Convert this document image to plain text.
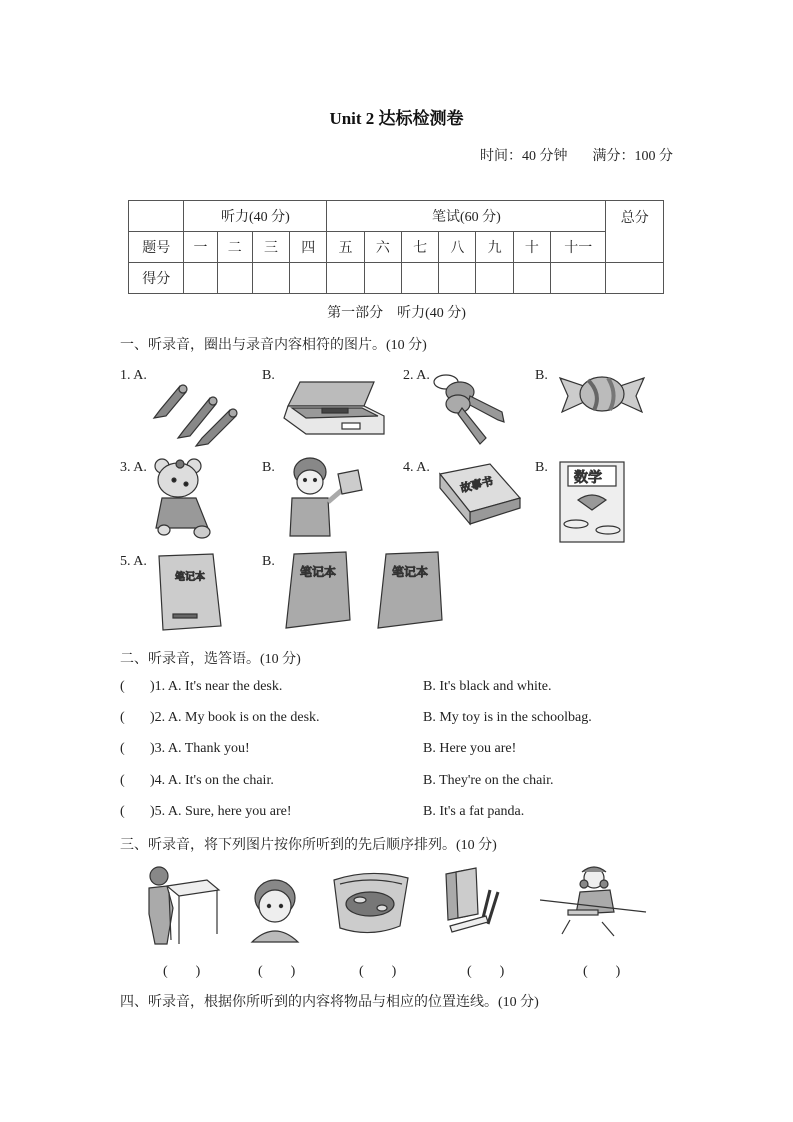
Unit 2 达标检测卷
时间：40 分钟 满分：100 分
	听力(40 分)				笔试(60 分)							总分
题号	一	二	三	四	五	六	七	八	九	十	十一	
得分												
第一部分　听力(40 分)
一、听录音，圈出与录音内容相符的图片。(10 分)
1. A.	B.	2. A.	B.
3. A.	B.	4. A.
故事书
B.
数学
5. A.
笔记本
B.
笔记本	笔记本
二、听录音，选答语。(10 分)
( )1. A. It's near the desk.	B. It's black and white.
( )2. A. My book is on the desk.	B. My toy is in the schoolbag.
( )3. A. Thank you!	B. Here you are!
( )4. A. It's on the chair.	B. They're on the chair.
( )5. A. Sure, here you are!	B. It's a fat panda.
三、听录音，将下列图片按你所听到的先后顺序排列。(10 分)
(　　)	(　　)	(　　)	(　　)	(　　)
四、听录音，根据你所听到的内容将物品与相应的位置连线。(10 分)
